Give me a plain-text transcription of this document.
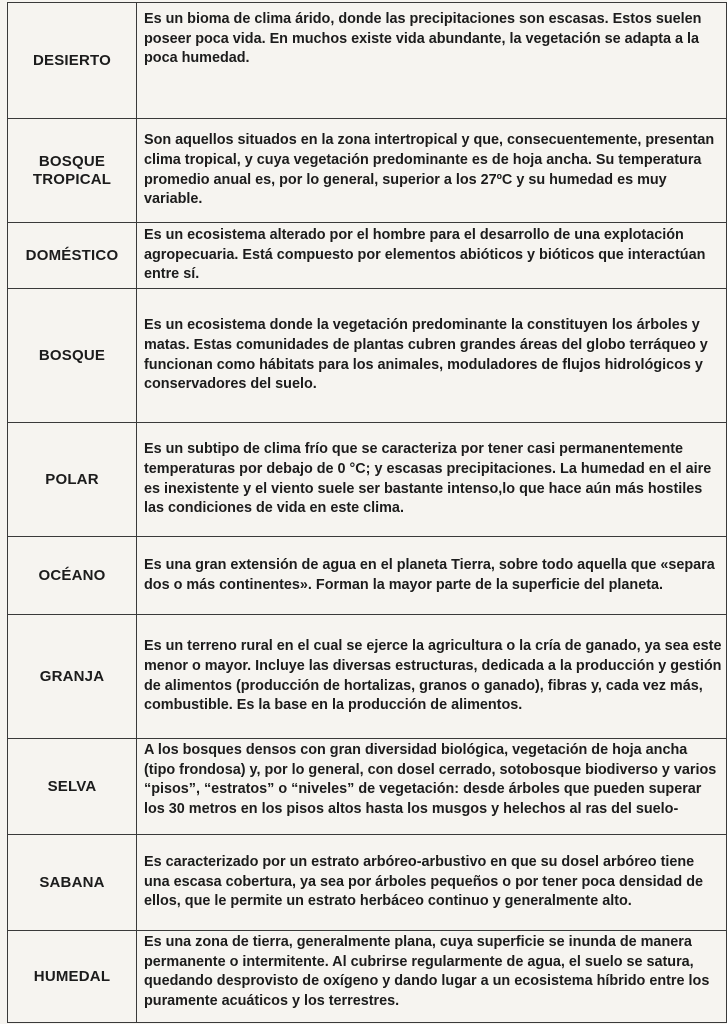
DESIERTO	Es un bioma de clima árido, donde las precipitaciones son escasas. Estos suelen poseer poca vida. En muchos existe vida abundante, la vegetación se adapta a la poca humedad.
BOSQUE TROPICAL	Son aquellos situados en la zona intertropical y que, consecuentemente, presentan clima tropical, y cuya vegetación predominante es de hoja ancha. Su temperatura promedio anual es, por lo general, superior a los 27ºC y su humedad es muy variable.
DOMÉSTICO	Es un ecosistema alterado por el hombre para el desarrollo de una explotación agropecuaria. Está compuesto por elementos abióticos y bióticos que interactúan entre sí.
BOSQUE	Es un ecosistema donde la vegetación predominante la constituyen los árboles y matas. Estas comunidades de plantas cubren grandes áreas del globo terráqueo y funcionan como hábitats para los animales, moduladores de flujos hidrológicos y conservadores del suelo.
POLAR	Es un subtipo de clima frío que se caracteriza por tener casi permanentemente temperaturas por debajo de 0 °C; y escasas precipitaciones. La humedad en el aire es inexistente y el viento suele ser bastante intenso,lo que hace aún más hostiles las condiciones de vida en este clima.
OCÉANO	Es una gran extensión de agua en el planeta Tierra, sobre todo aquella que «separa dos o más continentes». Forman la mayor parte de la superficie del planeta.
GRANJA	Es un terreno rural en el cual se ejerce la agricultura o la cría de ganado, ya sea este menor o mayor. Incluye las diversas estructuras, dedicada a la producción y gestión de alimentos (producción de hortalizas, granos o ganado), fibras y, cada vez más, combustible. Es la base en la producción de alimentos.
SELVA	A los bosques densos con gran diversidad biológica, vegetación de hoja ancha (tipo frondosa) y, por lo general, con dosel cerrado, sotobosque biodiverso y varios “pisos”, “estratos” o “niveles” de vegetación: desde árboles que pueden superar los 30 metros en los pisos altos hasta los musgos y helechos al ras del suelo-
SABANA	Es caracterizado por un estrato arbóreo-arbustivo en que su dosel arbóreo tiene una escasa cobertura, ya sea por árboles pequeños o por tener poca densidad de ellos, que le permite un estrato herbáceo continuo y generalmente alto.
HUMEDAL	Es una zona de tierra, generalmente plana, cuya superficie se inunda de manera permanente o intermitente. Al cubrirse regularmente de agua, el suelo se satura, quedando desprovisto de oxígeno y dando lugar a un ecosistema híbrido entre los puramente acuáticos y los terrestres.
